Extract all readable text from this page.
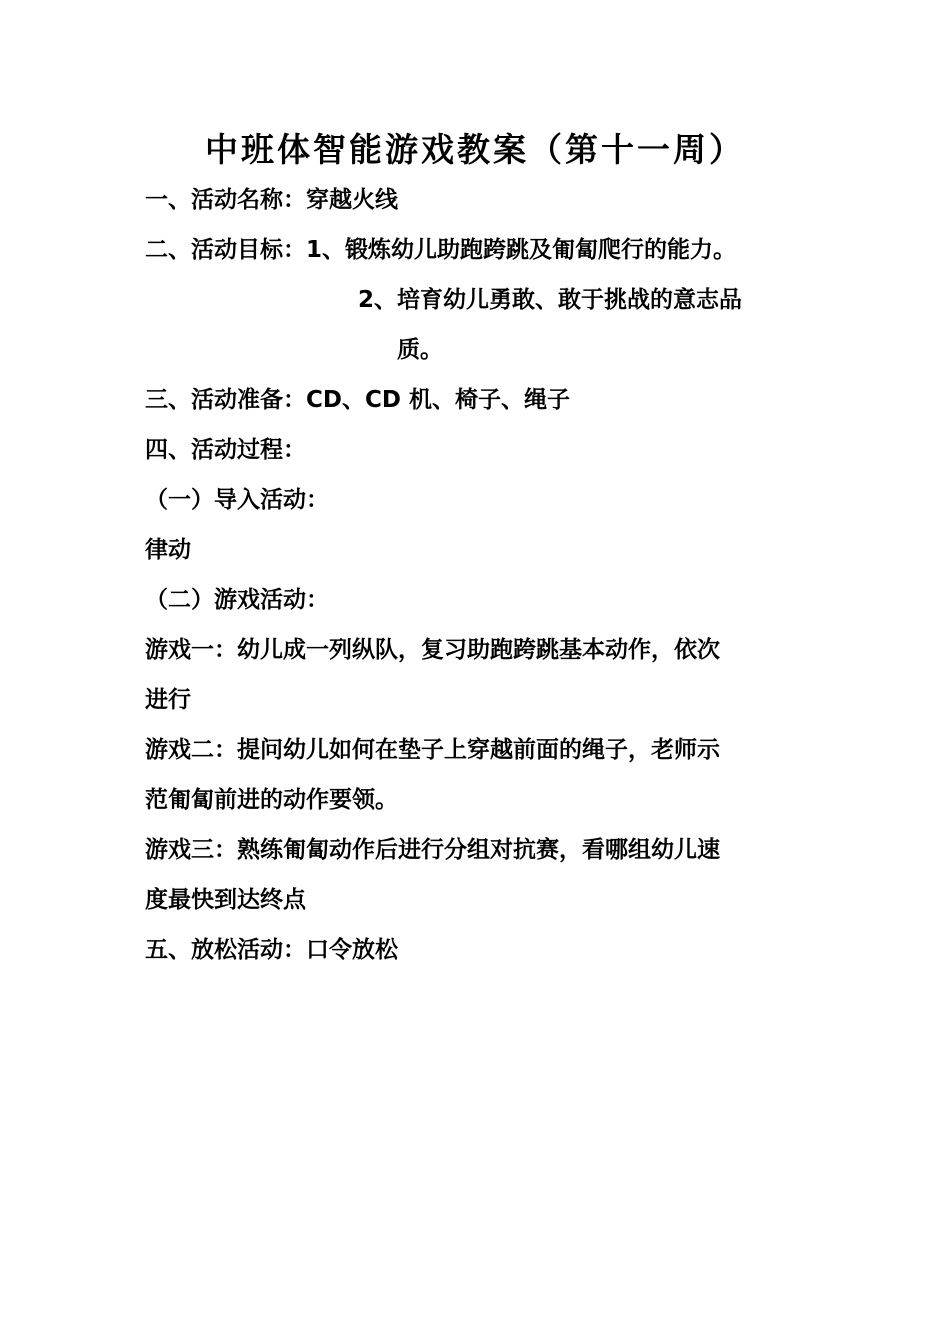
中班体智能游戏教案（第十一周）
一、活动名称：穿越火线
二、活动目标：1、锻炼幼儿助跑跨跳及匍匐爬行的能力。
2、培育幼儿勇敢、敢于挑战的意志品
质。
三、活动准备：CD、CD 机、椅子、绳子
四、活动过程：
（一）导入活动：
律动
（二）游戏活动：
游戏一：幼儿成一列纵队，复习助跑跨跳基本动作，依次
进行
游戏二：提问幼儿如何在垫子上穿越前面的绳子，老师示
范匍匐前进的动作要领。
游戏三：熟练匍匐动作后进行分组对抗赛，看哪组幼儿速
度最快到达终点
五、放松活动：口令放松
